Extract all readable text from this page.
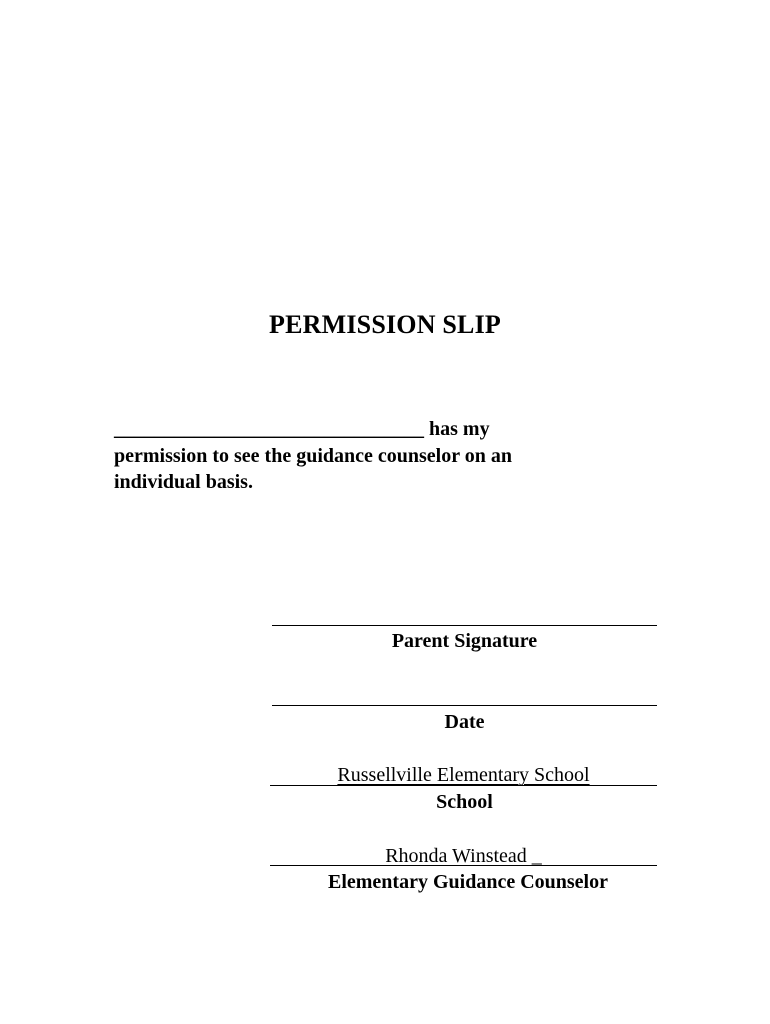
PERMISSION SLIP
_______________________________ has my
permission to see the guidance counselor on an
individual basis.
Parent Signature
Date
Russellville Elementary School
School
Rhonda Winstead _
Elementary Guidance Counselor
